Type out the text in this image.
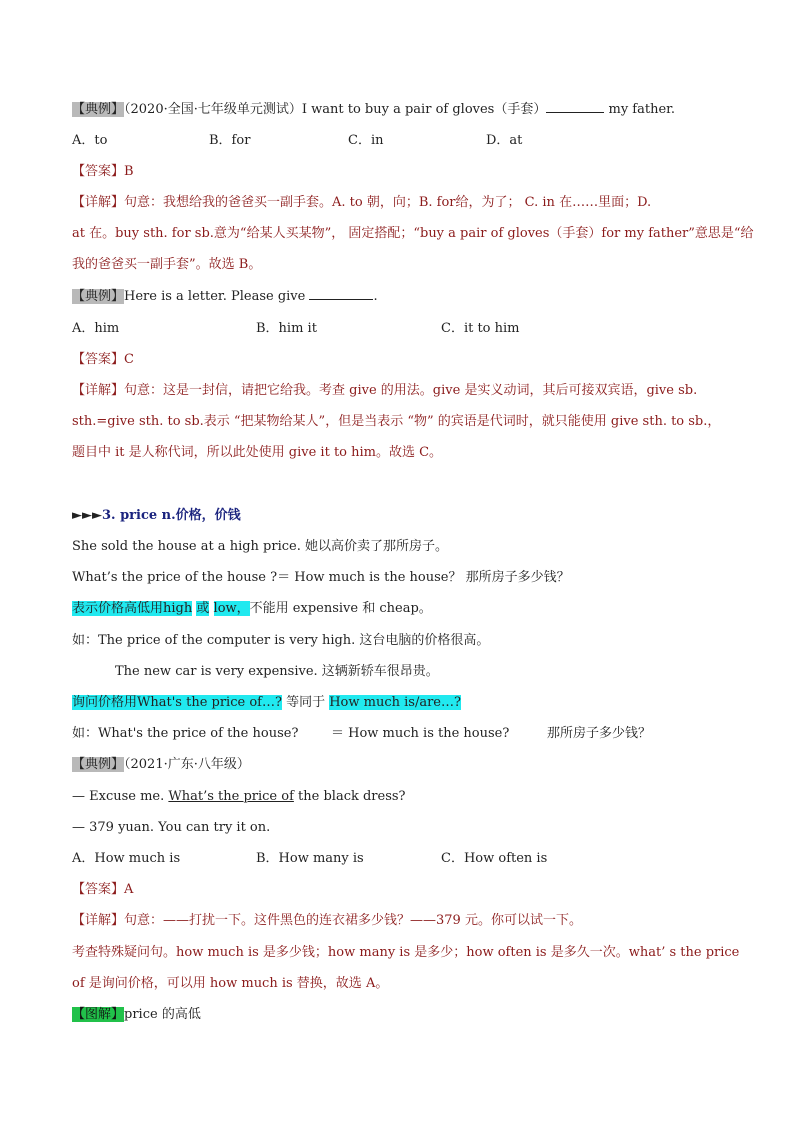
【典例】（2020·全国·七年级单元测试）I want to buy a pair of gloves（手套）	my father.
A．to	B．for	C．in	D．at
【答案】B
【详解】句意：我想给我的爸爸买一副手套。A. to 朝，向；B. for给，为了； C. in 在……里面；D.
at 在。buy sth. for sb.意为“给某人买某物”， 固定搭配；“buy a pair of gloves（手套）for my father”意思是“给
我的爸爸买一副手套”。故选 B。
【典例】Here is a letter. Please give	.
A．him	B．him it	C．it to him
【答案】C
【详解】句意：这是一封信，请把它给我。考查 give 的用法。give 是实义动词，其后可接双宾语，give sb.
sth.=give sth. to sb.表示 “把某物给某人”，但是当表示 “物” 的宾语是代词时，就只能使用 give sth. to sb.，
题目中 it 是人称代词，所以此处使用 give it to him。故选 C。
►►►3. price n.价格，价钱
She sold the house at a high price. 她以高价卖了那所房子。
What’s the price of the house ?＝ How much is the house？ 那所房子多少钱？
表示价格高低用high 或 low，不能用 expensive 和 cheap。
如：The price of the computer is very high. 这台电脑的价格很高。
The new car is very expensive. 这辆新轿车很昂贵。
询问价格用What's the price of…? 等同于 How much is/are…?
如：What's the price of the house?	＝ How much is the house?	那所房子多少钱？
【典例】（2021·广东·八年级）
— Excuse me. What’s the price of the black dress?
— 379 yuan. You can try it on.
A．How much is	B．How many is	C．How often is
【答案】A
【详解】句意：——打扰一下。这件黑色的连衣裙多少钱？——379 元。你可以试一下。
考查特殊疑问句。how much is 是多少钱；how many is 是多少；how often is 是多久一次。what’ s the price
of 是询问价格，可以用 how much is 替换，故选 A。
【图解】price 的高低
